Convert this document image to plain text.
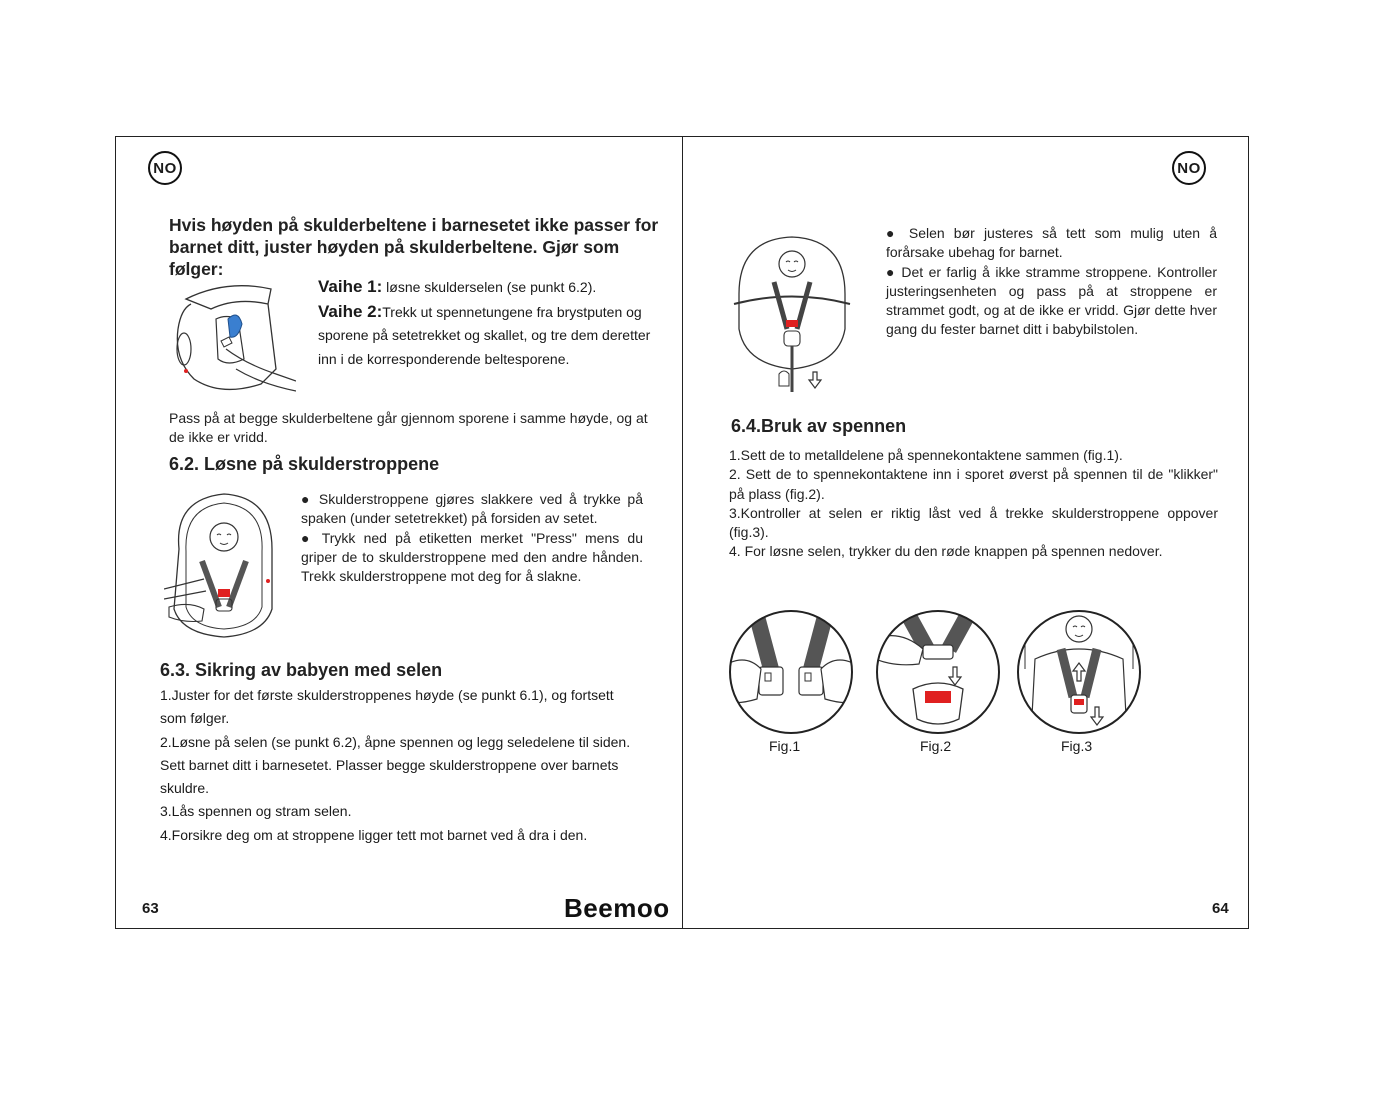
NO
Hvis høyden på skulderbeltene i barnesetet ikke passer for barnet ditt, juster høyden på skulderbeltene. Gjør som følger:
Vaihe 1: løsne skulderselen (se punkt 6.2).
Vaihe 2:Trekk ut spennetungene fra brystputen og sporene på setetrekket og skallet, og tre dem deretter inn i de korresponderende beltesporene.
Pass på at begge skulderbeltene går gjennom sporene i samme høyde, og at de ikke er vridd.
6.2. Løsne på skulderstroppene
● Skulderstroppene gjøres slakkere ved å trykke på spaken (under setetrekket) på forsiden av setet.
● Trykk ned på etiketten merket "Press" mens du griper de to skulderstroppene med den andre hånden. Trekk skulderstroppene mot deg for å slakne.
6.3. Sikring av babyen med selen
1.Juster for det første skulderstroppenes høyde (se punkt 6.1), og fortsett som følger.
2.Løsne på selen (se punkt 6.2), åpne spennen og legg seledelene til siden. Sett barnet ditt i barnesetet. Plasser begge skulderstroppene over barnets skuldre.
3.Lås spennen og stram selen.
4.Forsikre deg om at stroppene ligger tett mot barnet ved å dra i den.
63	Beemoo
NO
● Selen bør justeres så tett som mulig uten å forårsake ubehag for barnet.
● Det er farlig å ikke stramme stroppene. Kontroller justeringsenheten og pass på at stroppene er strammet godt, og at de ikke er vridd. Gjør dette hver gang du fester barnet ditt i babybilstolen.
6.4.Bruk av spennen
1.Sett de to metalldelene på spennekontaktene sammen (fig.1).
2. Sett de to spennekontaktene inn i sporet øverst på spennen til de "klikker" på plass (fig.2).
3.Kontroller at selen er riktig låst ved å trekke skulderstroppene oppover (fig.3).
4. For løsne selen, trykker du den røde knappen på spennen nedover.
Fig.1	Fig.2	Fig.3
64
